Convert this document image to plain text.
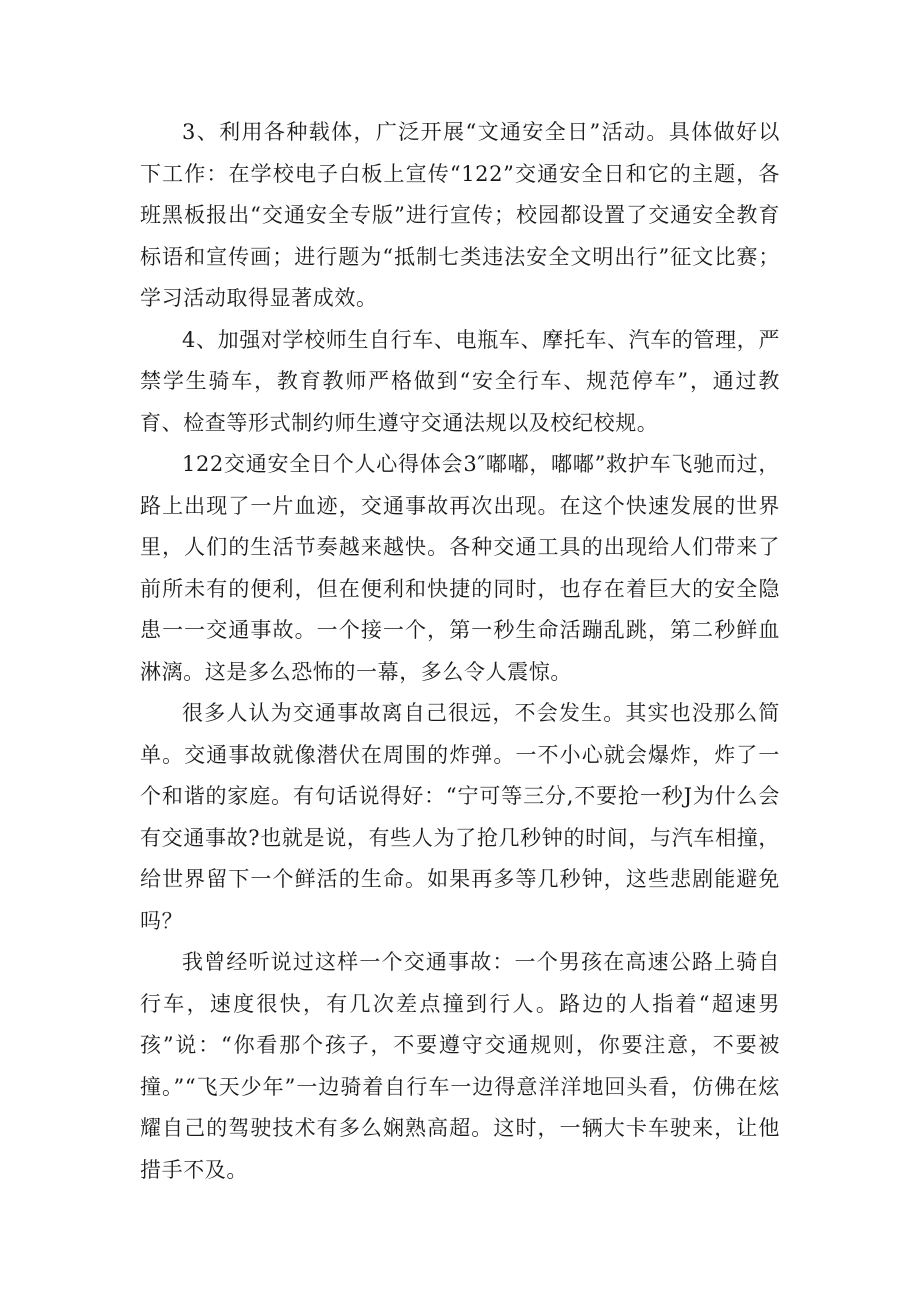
3、利用各种载体，广泛开展“文通安全日”活动。具体做好以下工作：在学校电子白板上宣传“122”交通安全日和它的主题，各班黑板报出“交通安全专版”进行宣传；校园都设置了交通安全教育标语和宣传画；进行题为“抵制七类违法安全文明出行”征文比赛；学习活动取得显著成效。

4、加强对学校师生自行车、电瓶车、摩托车、汽车的管理，严禁学生骑车，教育教师严格做到“安全行车、规范停车”，通过教育、检查等形式制约师生遵守交通法规以及校纪校规。

122交通安全日个人心得体会3″嘟嘟，嘟嘟”救护车飞驰而过，路上出现了一片血迹，交通事故再次出现。在这个快速发展的世界里，人们的生活节奏越来越快。各种交通工具的出现给人们带来了前所未有的便利，但在便利和快捷的同时，也存在着巨大的安全隐患一一交通事故。一个接一个，第一秒生命活蹦乱跳，第二秒鲜血淋漓。这是多么恐怖的一幕，多么令人震惊。

很多人认为交通事故离自己很远，不会发生。其实也没那么简单。交通事故就像潜伏在周围的炸弹。一不小心就会爆炸，炸了一个和谐的家庭。有句话说得好：“宁可等三分,不要抢一秒J为什么会有交通事故?也就是说，有些人为了抢几秒钟的时间，与汽车相撞，给世界留下一个鲜活的生命。如果再多等几秒钟，这些悲剧能避免吗？

我曾经听说过这样一个交通事故：一个男孩在高速公路上骑自行车，速度很快，有几次差点撞到行人。路边的人指着“超速男孩”说：“你看那个孩子，不要遵守交通规则，你要注意，不要被撞。”“飞天少年”一边骑着自行车一边得意洋洋地回头看，仿佛在炫耀自己的驾驶技术有多么娴熟高超。这时，一辆大卡车驶来，让他措手不及。
